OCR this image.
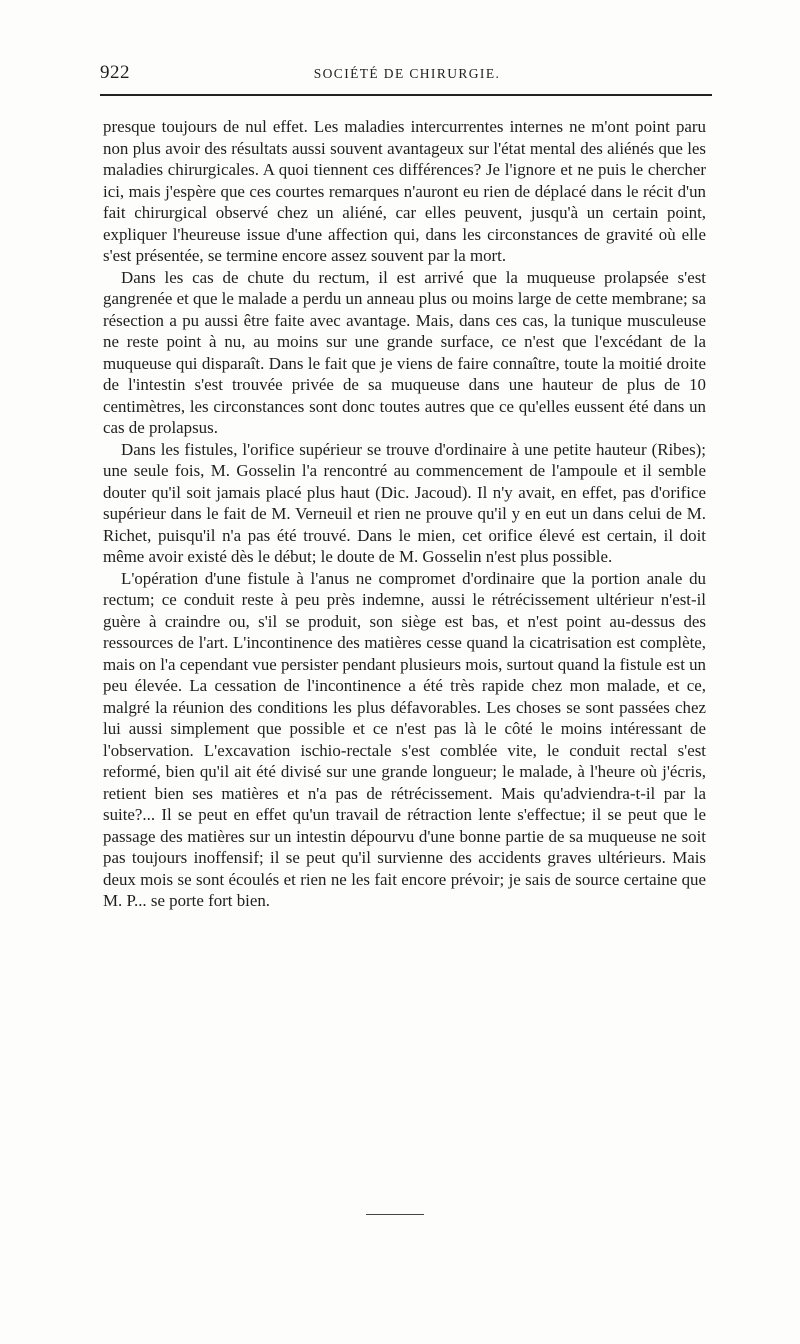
922	SOCIÉTÉ DE CHIRURGIE.

presque toujours de nul effet. Les maladies intercurrentes internes ne m'ont point paru non plus avoir des résultats aussi souvent avantageux sur l'état mental des aliénés que les maladies chirurgicales. A quoi tiennent ces différences? Je l'ignore et ne puis le chercher ici, mais j'espère que ces courtes remarques n'auront eu rien de déplacé dans le récit d'un fait chirurgical observé chez un aliéné, car elles peuvent, jusqu'à un certain point, expliquer l'heureuse issue d'une affection qui, dans les circonstances de gravité où elle s'est présentée, se termine encore assez souvent par la mort.

Dans les cas de chute du rectum, il est arrivé que la muqueuse prolapsée s'est gangrenée et que le malade a perdu un anneau plus ou moins large de cette membrane; sa résection a pu aussi être faite avec avantage. Mais, dans ces cas, la tunique musculeuse ne reste point à nu, au moins sur une grande surface, ce n'est que l'excédant de la muqueuse qui disparaît. Dans le fait que je viens de faire connaître, toute la moitié droite de l'intestin s'est trouvée privée de sa muqueuse dans une hauteur de plus de 10 centimètres, les circonstances sont donc toutes autres que ce qu'elles eussent été dans un cas de prolapsus.

Dans les fistules, l'orifice supérieur se trouve d'ordinaire à une petite hauteur (Ribes); une seule fois, M. Gosselin l'a rencontré au commencement de l'ampoule et il semble douter qu'il soit jamais placé plus haut (Dic. Jacoud). Il n'y avait, en effet, pas d'orifice supérieur dans le fait de M. Verneuil et rien ne prouve qu'il y en eut un dans celui de M. Richet, puisqu'il n'a pas été trouvé. Dans le mien, cet orifice élevé est certain, il doit même avoir existé dès le début; le doute de M. Gosselin n'est plus possible.

L'opération d'une fistule à l'anus ne compromet d'ordinaire que la portion anale du rectum; ce conduit reste à peu près indemne, aussi le rétrécissement ultérieur n'est-il guère à craindre ou, s'il se produit, son siège est bas, et n'est point au-dessus des ressources de l'art. L'incontinence des matières cesse quand la cicatrisation est complète, mais on l'a cependant vue persister pendant plusieurs mois, surtout quand la fistule est un peu élevée. La cessation de l'incontinence a été très rapide chez mon malade, et ce, malgré la réunion des conditions les plus défavorables. Les choses se sont passées chez lui aussi simplement que possible et ce n'est pas là le côté le moins intéressant de l'observation. L'excavation ischio-rectale s'est comblée vite, le conduit rectal s'est reformé, bien qu'il ait été divisé sur une grande longueur; le malade, à l'heure où j'écris, retient bien ses matières et n'a pas de rétrécissement. Mais qu'adviendra-t-il par la suite?... Il se peut en effet qu'un travail de rétraction lente s'effectue; il se peut que le passage des matières sur un intestin dépourvu d'une bonne partie de sa muqueuse ne soit pas toujours inoffensif; il se peut qu'il survienne des accidents graves ultérieurs. Mais deux mois se sont écoulés et rien ne les fait encore prévoir; je sais de source certaine que M. P... se porte fort bien.
